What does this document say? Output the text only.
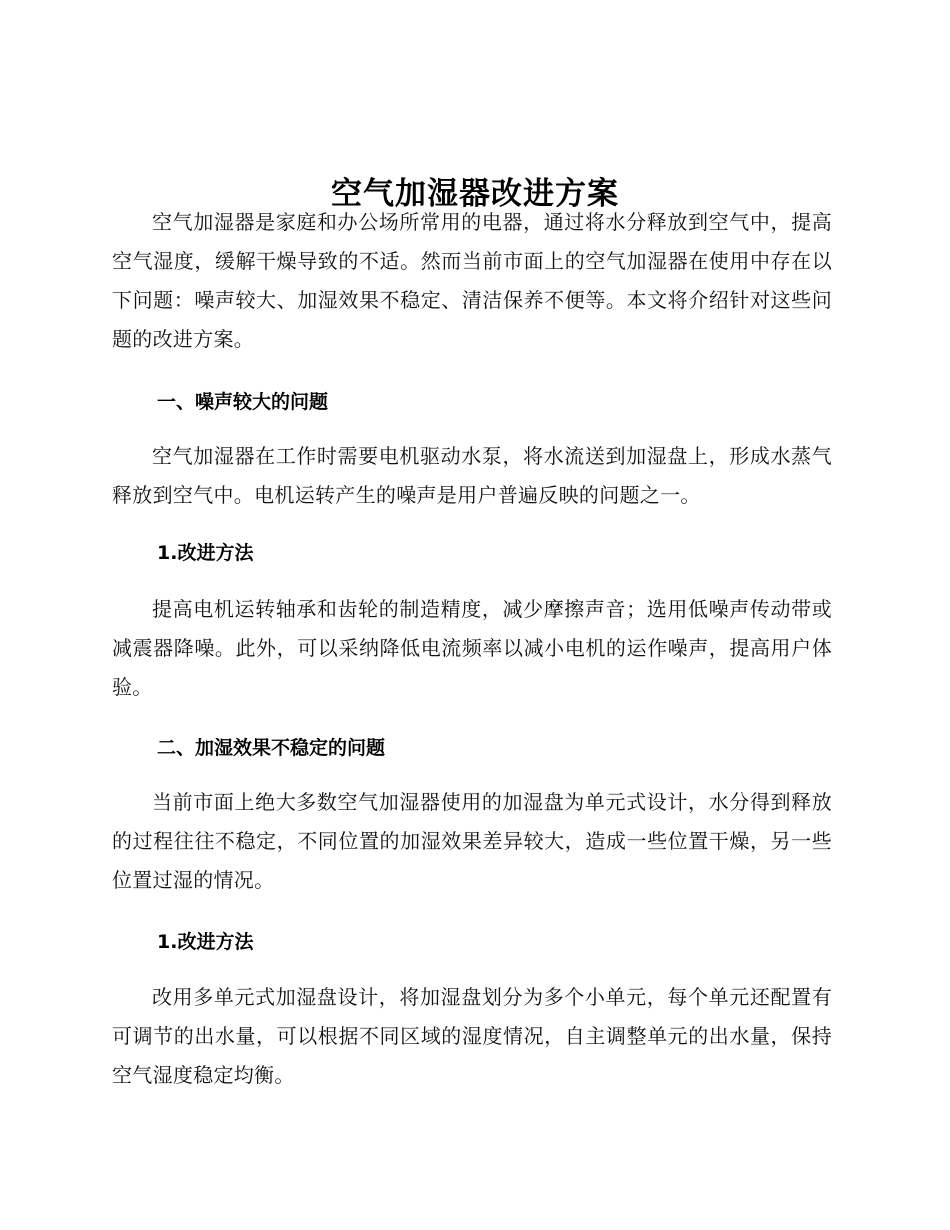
空气加湿器改进方案

空气加湿器是家庭和办公场所常用的电器，通过将水分释放到空气中，提高空气湿度，缓解干燥导致的不适。然而当前市面上的空气加湿器在使用中存在以下问题：噪声较大、加湿效果不稳定、清洁保养不便等。本文将介绍针对这些问题的改进方案。

一、噪声较大的问题

空气加湿器在工作时需要电机驱动水泵，将水流送到加湿盘上，形成水蒸气释放到空气中。电机运转产生的噪声是用户普遍反映的问题之一。

1.改进方法

提高电机运转轴承和齿轮的制造精度，减少摩擦声音；选用低噪声传动带或减震器降噪。此外，可以采纳降低电流频率以减小电机的运作噪声，提高用户体验。

二、加湿效果不稳定的问题

当前市面上绝大多数空气加湿器使用的加湿盘为单元式设计，水分得到释放的过程往往不稳定，不同位置的加湿效果差异较大，造成一些位置干燥，另一些位置过湿的情况。

1.改进方法

改用多单元式加湿盘设计，将加湿盘划分为多个小单元，每个单元还配置有可调节的出水量，可以根据不同区域的湿度情况，自主调整单元的出水量，保持空气湿度稳定均衡。
